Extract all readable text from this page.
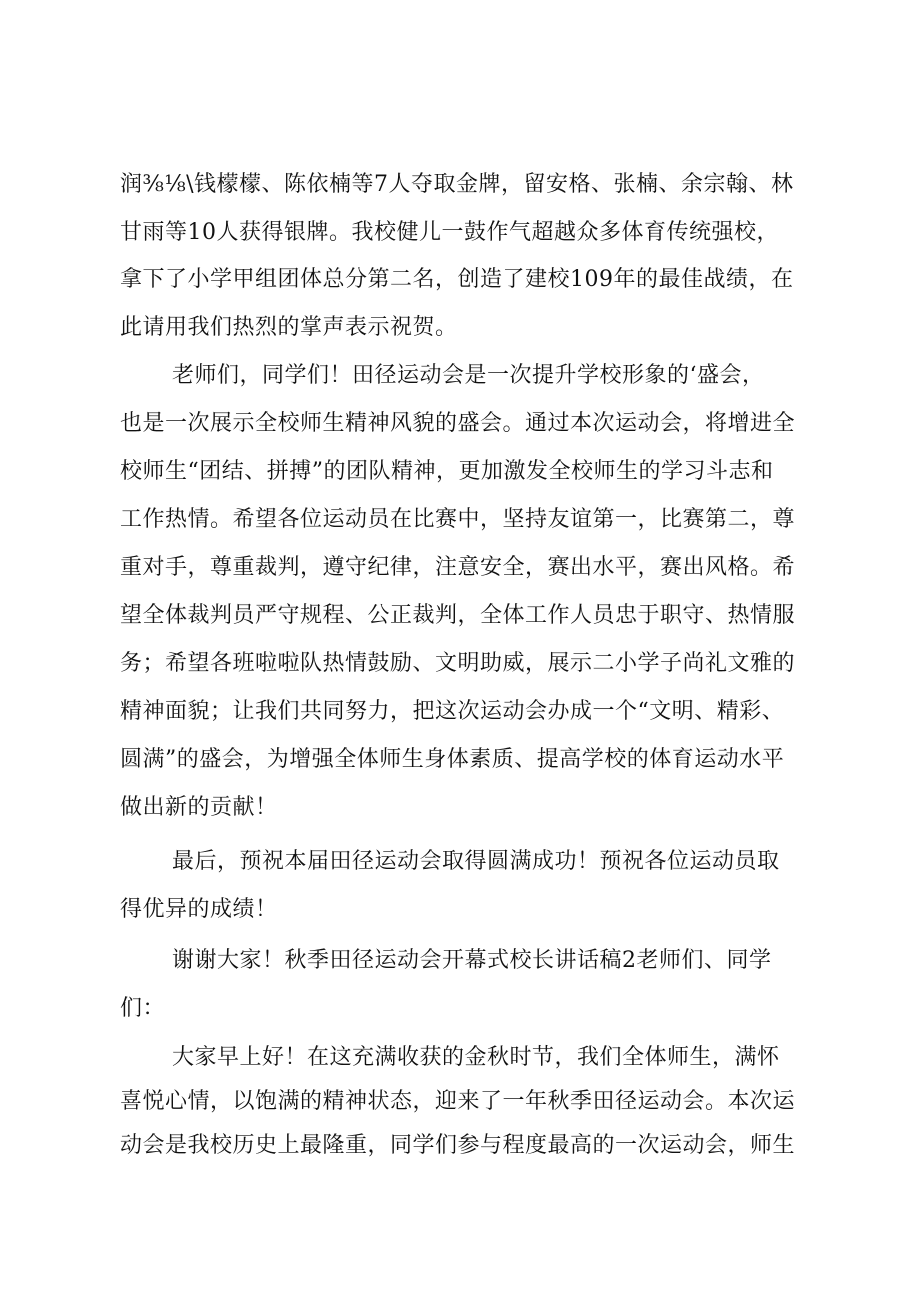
润⅜⅛\钱檬檬、陈依楠等7人夺取金牌，留安格、张楠、余宗翰、林
甘雨等10人获得银牌。我校健儿一鼓作气超越众多体育传统强校，
拿下了小学甲组团体总分第二名，创造了建校109年的最佳战绩，在
此请用我们热烈的掌声表示祝贺。
老师们，同学们！田径运动会是一次提升学校形象的‘盛会，
也是一次展示全校师生精神风貌的盛会。通过本次运动会，将增进全
校师生“团结、拼搏”的团队精神，更加激发全校师生的学习斗志和
工作热情。希望各位运动员在比赛中，坚持友谊第一，比赛第二，尊
重对手，尊重裁判，遵守纪律，注意安全，赛出水平，赛出风格。希
望全体裁判员严守规程、公正裁判，全体工作人员忠于职守、热情服
务；希望各班啦啦队热情鼓励、文明助威，展示二小学子尚礼文雅的
精神面貌；让我们共同努力，把这次运动会办成一个“文明、精彩、
圆满”的盛会，为增强全体师生身体素质、提高学校的体育运动水平
做出新的贡献！
最后，预祝本届田径运动会取得圆满成功！预祝各位运动员取
得优异的成绩！
谢谢大家！秋季田径运动会开幕式校长讲话稿2老师们、同学
们：
大家早上好！在这充满收获的金秋时节，我们全体师生，满怀
喜悦心情，以饱满的精神状态，迎来了一年秋季田径运动会。本次运
动会是我校历史上最隆重，同学们参与程度最高的一次运动会，师生
